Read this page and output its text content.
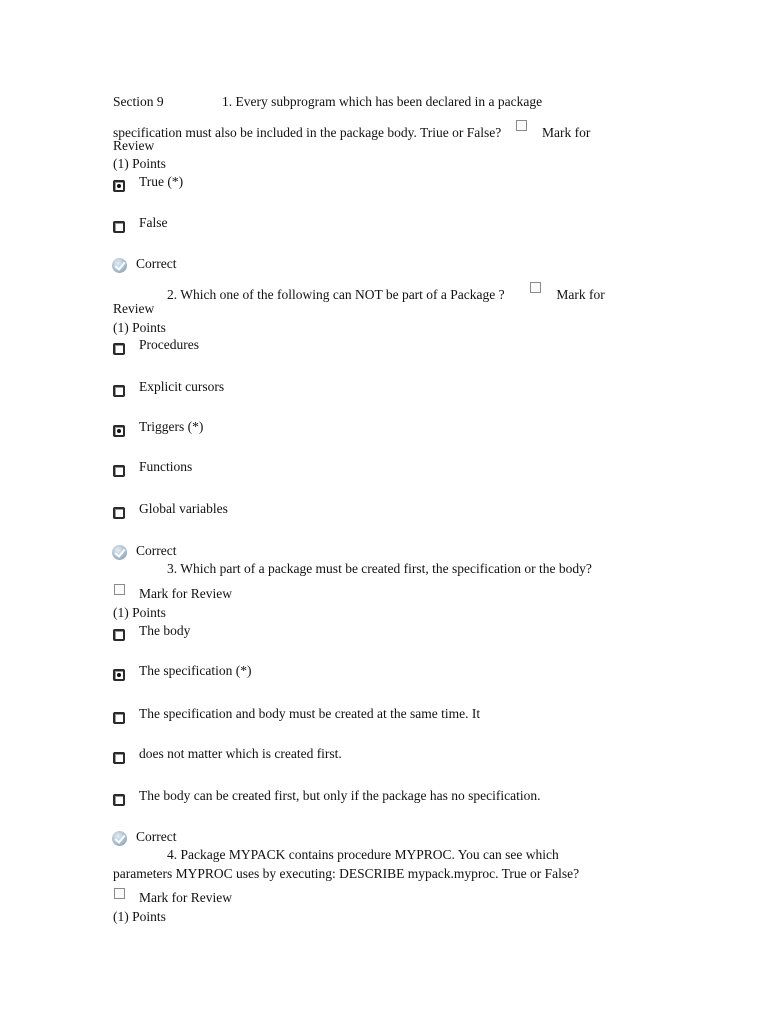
Section 9	1. Every subprogram which has been declared in a package
specification must also be included in the package body. Triue or False?	Mark for
Review
(1) Points
True (*)
False
Correct
2. Which one of the following can NOT be part of a Package ?	Mark for
Review
(1) Points
Procedures
Explicit cursors
Triggers (*)
Functions
Global variables
Correct
3. Which part of a package must be created first, the specification or the body?
Mark for Review
(1) Points
The body
The specification (*)
The specification and body must be created at the same time. It
does not matter which is created first.
The body can be created first, but only if the package has no specification.
Correct
4. Package MYPACK contains procedure MYPROC. You can see which
parameters MYPROC uses by executing: DESCRIBE mypack.myproc. True or False?
Mark for Review
(1) Points
